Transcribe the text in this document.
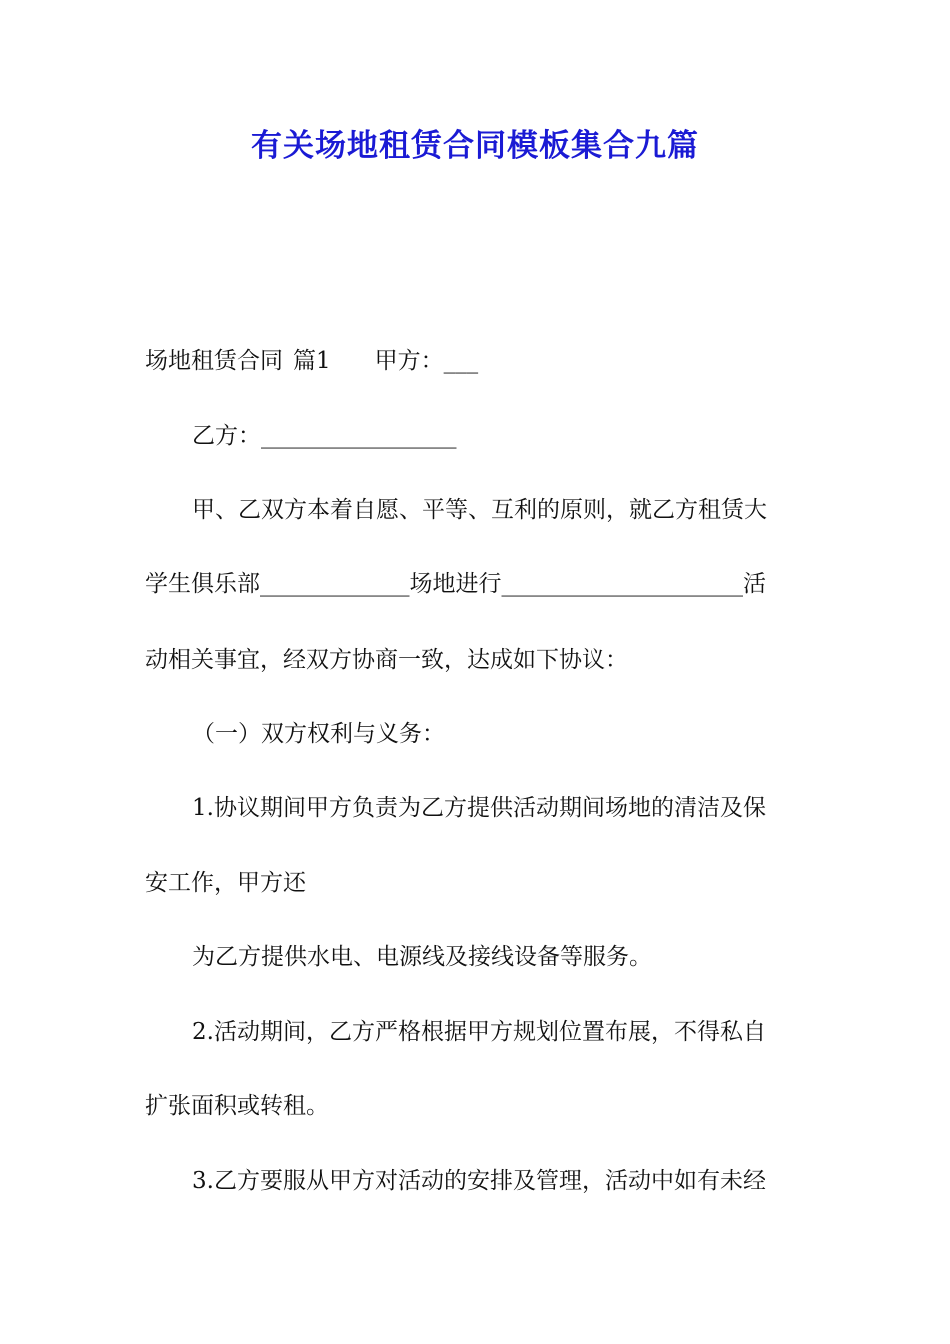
有关场地租赁合同模板集合九篇
场地租赁合同 篇1 甲方：___
乙方：_________________
甲、乙双方本着自愿、平等、互利的原则，就乙方租赁大
学生俱乐部_____________场地进行_____________________活
动相关事宜，经双方协商一致，达成如下协议：
（一）双方权利与义务：
1.协议期间甲方负责为乙方提供活动期间场地的清洁及保
安工作，甲方还
为乙方提供水电、电源线及接线设备等服务。
2.活动期间，乙方严格根据甲方规划位置布展，不得私自
扩张面积或转租。
3.乙方要服从甲方对活动的安排及管理，活动中如有未经
